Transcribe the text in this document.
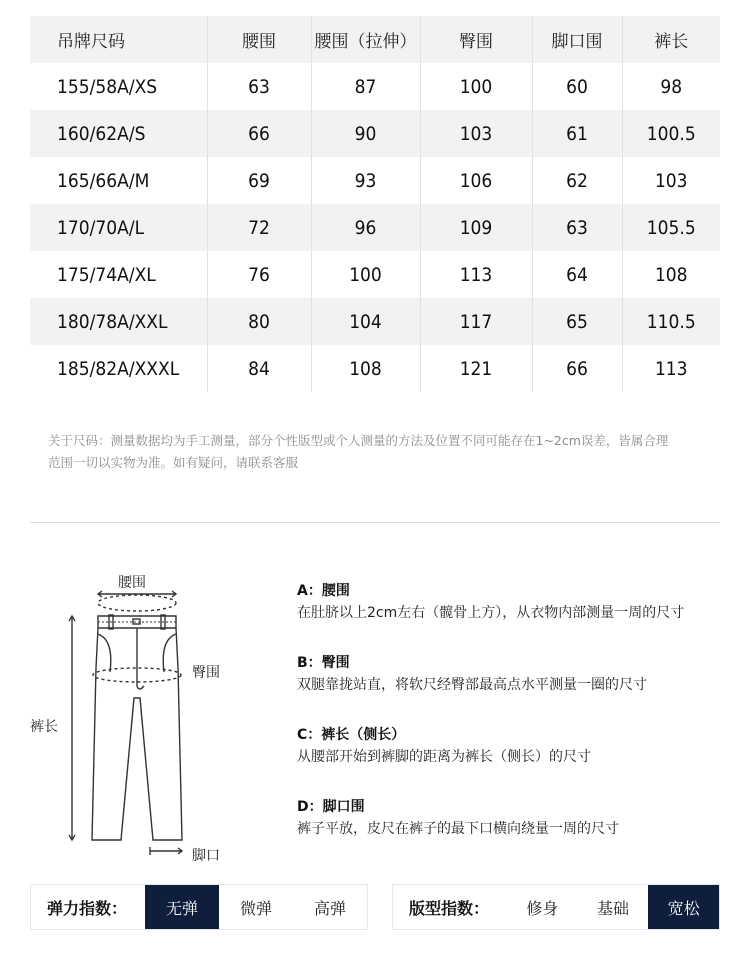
吊牌尺码	腰围	腰围（拉伸）	臀围	脚口围	裤长
155/58A/XS	63	87	100	60	98
160/62A/S	66	90	103	61	100.5
165/66A/M	69	93	106	62	103
170/70A/L	72	96	109	63	105.5
175/74A/XL	76	100	113	64	108
180/78A/XXL	80	104	117	65	110.5
185/82A/XXXL	84	108	121	66	113
关于尺码：测量数据均为手工测量，部分个性版型或个人测量的方法及位置不同可能存在1~2cm误差，皆属合理
范围一切以实物为准。如有疑问，请联系客服
腰围
臀围
裤长
脚口
A：腰围
在肚脐以上2cm左右（髋骨上方），从衣物内部测量一周的尺寸
B：臀围
双腿靠拢站直，将软尺经臀部最高点水平测量一圈的尺寸
C：裤长（侧长）
从腰部开始到裤脚的距离为裤长（侧长）的尺寸
D：脚口围
裤子平放，皮尺在裤子的最下口横向绕量一周的尺寸
弹力指数：	无弹	微弹	高弹	版型指数：	修身	基础	宽松
